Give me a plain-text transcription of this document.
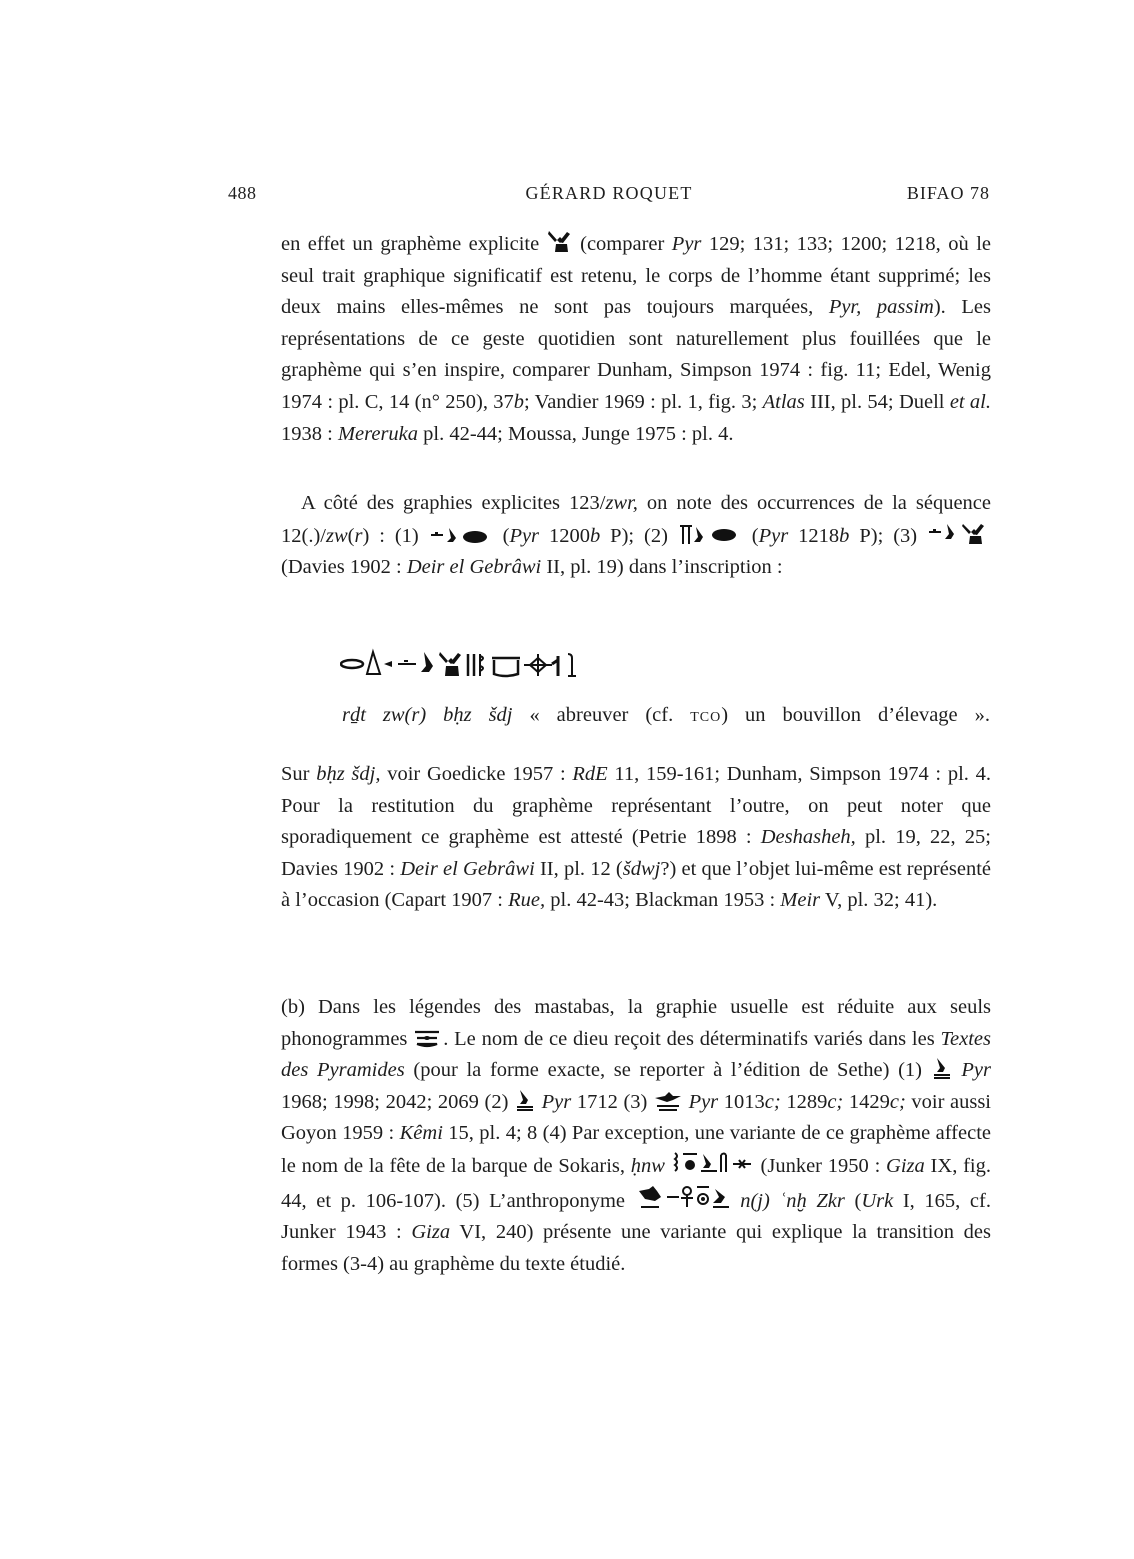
488	GÉRARD ROQUET	BIFAO 78

en effet un graphème explicite
(comparer Pyr 129; 131; 133; 1200; 1218, où le seul trait graphique significatif est retenu, le corps de l’homme étant supprimé; les deux mains elles-mêmes ne sont pas toujours marquées, Pyr, passim). Les représentations de ce geste quotidien sont naturellement plus fouillées que le graphème qui s’en inspire, comparer Dunham, Simpson 1974 : fig. 11; Edel, Wenig 1974 : pl. C, 14 (n° 250), 37b; Vandier 1969 : pl. 1, fig. 3; Atlas III, pl. 54; Duell et al. 1938 : Mereruka pl. 42-44; Moussa, Junge 1975 : pl. 4.

A côté des graphies explicites 123/zwr, on note des occurrences de la séquence 12(.)/zw(r) : (1)	(Pyr 1200b P); (2)	(Pyr 1218b P); (3)
(Davies 1902 : Deir el Gebrâwi II, pl. 19) dans l’inscription :

rḏt zw(r) bḥz šdj « abreuver (cf. тco) un bouvillon d’élevage ».

Sur bḥz šdj, voir Goedicke 1957 : RdE 11, 159-161; Dunham, Simpson 1974 : pl. 4. Pour la restitution du graphème représentant l’outre, on peut noter que sporadiquement ce graphème est attesté (Petrie 1898 : Deshasheh, pl. 19, 22, 25; Davies 1902 : Deir el Gebrâwi II, pl. 12 (šdwj?) et que l’objet lui-même est représenté à l’occasion (Capart 1907 : Rue, pl. 42-43; Blackman 1953 : Meir V, pl. 32; 41).

(b) Dans les légendes des mastabas, la graphie usuelle est réduite aux seuls phonogrammes
. Le nom de ce dieu reçoit des déterminatifs variés dans les Textes des Pyramides (pour la forme exacte, se reporter à l’édition de Sethe) (1)
Pyr 1968; 1998; 2042; 2069 (2)
Pyr 1712 (3)
Pyr 1013c; 1289c; 1429c; voir aussi Goyon 1959 : Kêmi 15, pl. 4; 8 (4) Par exception, une variante de ce graphème affecte le nom de la fête de la barque de Sokaris, ḥnw	(Junker 1950 : Giza IX, fig. 44, et p. 106-107). (5) L’anthroponyme	n(j) ʿnḫ Zkr (Urk I, 165, cf. Junker 1943 : Giza VI, 240) présente une variante qui explique la transition des formes (3-4) au graphème du texte étudié.
